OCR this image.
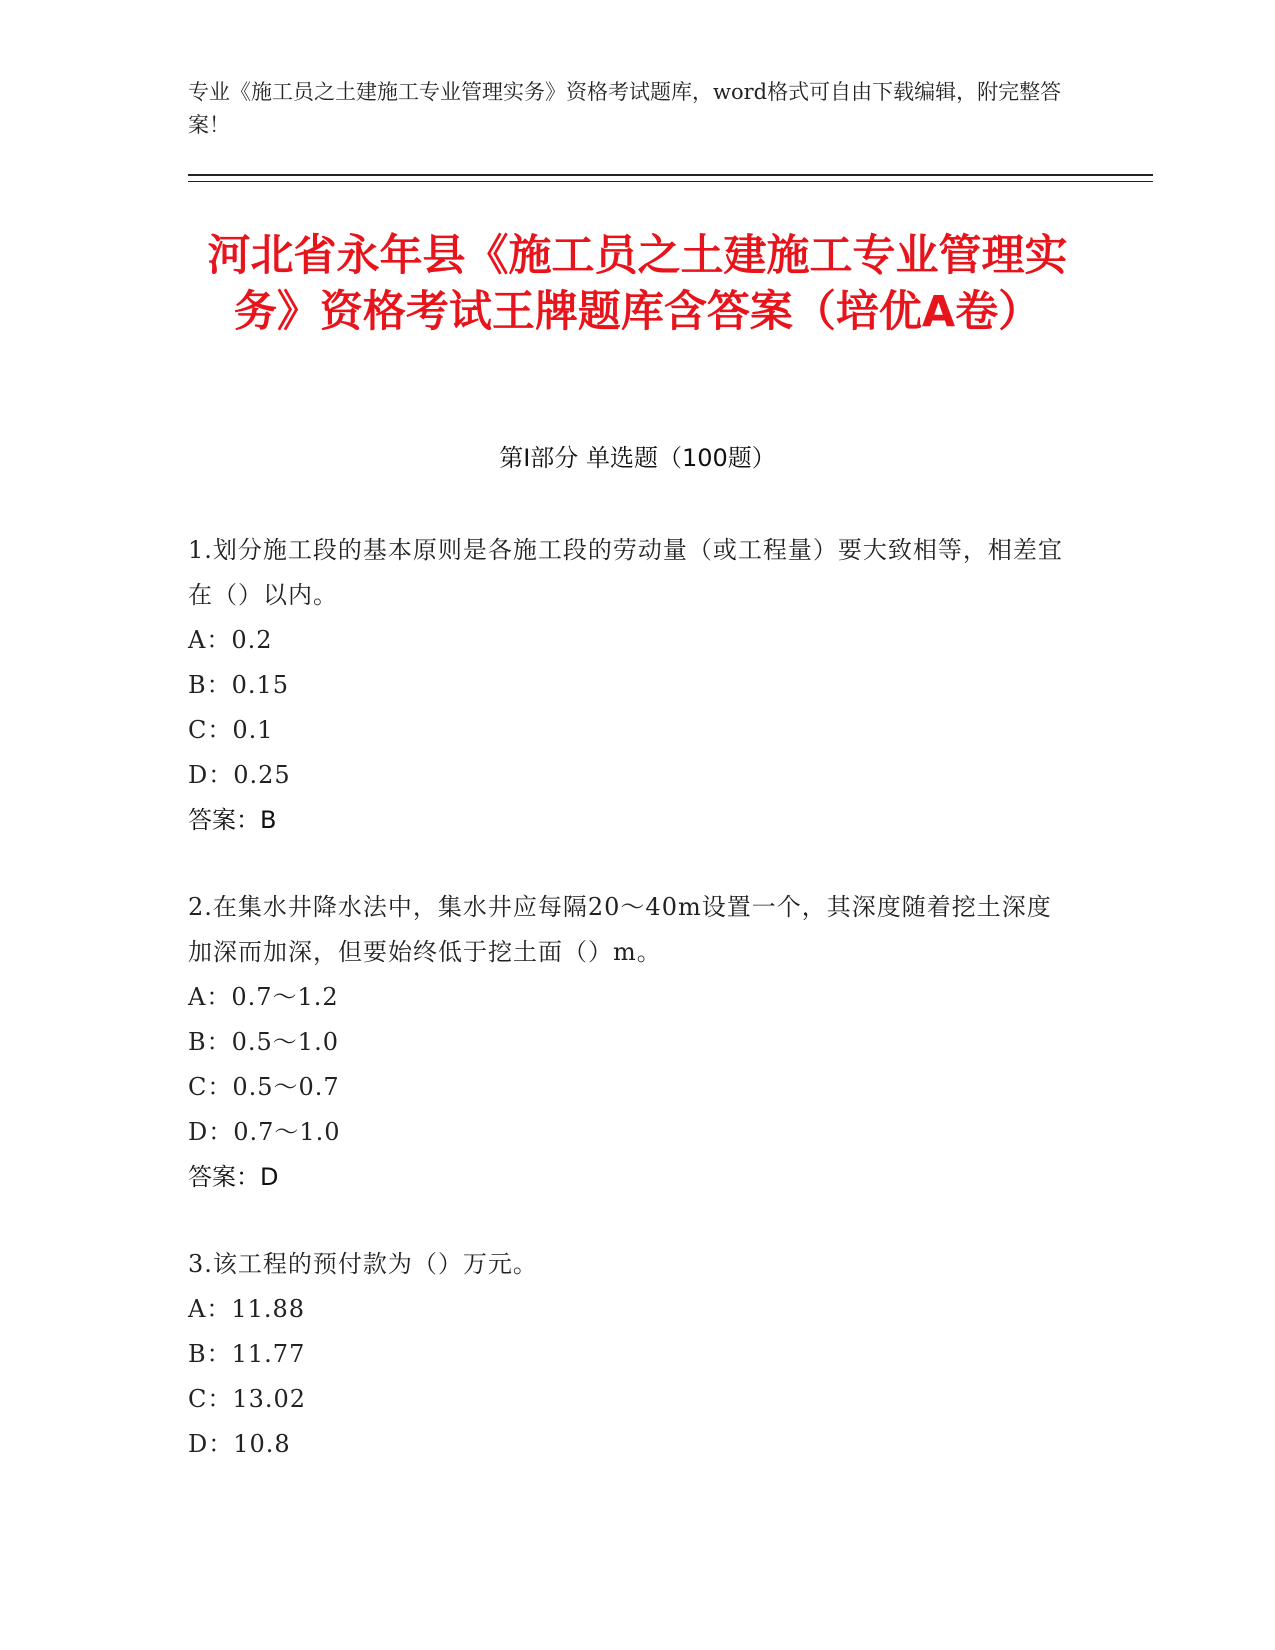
专业《施工员之土建施工专业管理实务》资格考试题库，word格式可自由下载编辑，附完整答案！
河北省永年县《施工员之土建施工专业管理实务》资格考试王牌题库含答案（培优A卷）
第I部分 单选题（100题）
1.划分施工段的基本原则是各施工段的劳动量（或工程量）要大致相等，相差宜在（）以内。
A：0.2
B：0.15
C：0.1
D：0.25
答案：B
2.在集水井降水法中，集水井应每隔20～40m设置一个，其深度随着挖土深度加深而加深，但要始终低于挖土面（）m。
A：0.7～1.2
B：0.5～1.0
C：0.5～0.7
D：0.7～1.0
答案：D
3.该工程的预付款为（）万元。
A：11.88
B：11.77
C：13.02
D：10.8
